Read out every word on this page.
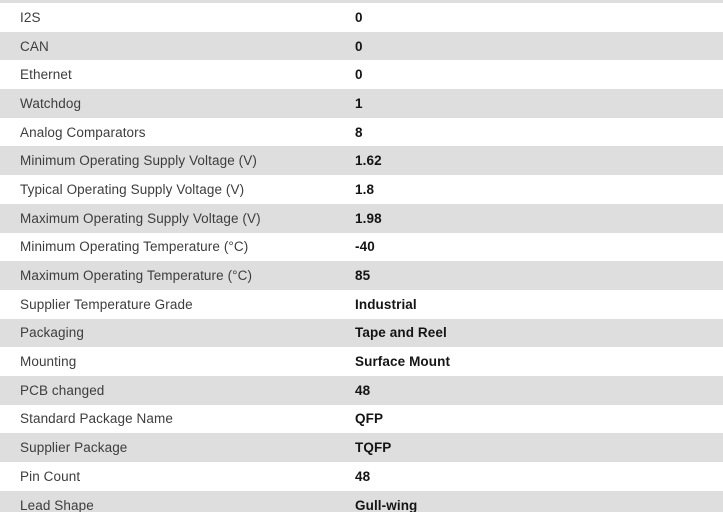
I2S	0
CAN	0
Ethernet	0
Watchdog	1
Analog Comparators	8
Minimum Operating Supply Voltage (V)	1.62
Typical Operating Supply Voltage (V)	1.8
Maximum Operating Supply Voltage (V)	1.98
Minimum Operating Temperature (°C)	-40
Maximum Operating Temperature (°C)	85
Supplier Temperature Grade	Industrial
Packaging	Tape and Reel
Mounting	Surface Mount
PCB changed	48
Standard Package Name	QFP
Supplier Package	TQFP
Pin Count	48
Lead Shape	Gull-wing
